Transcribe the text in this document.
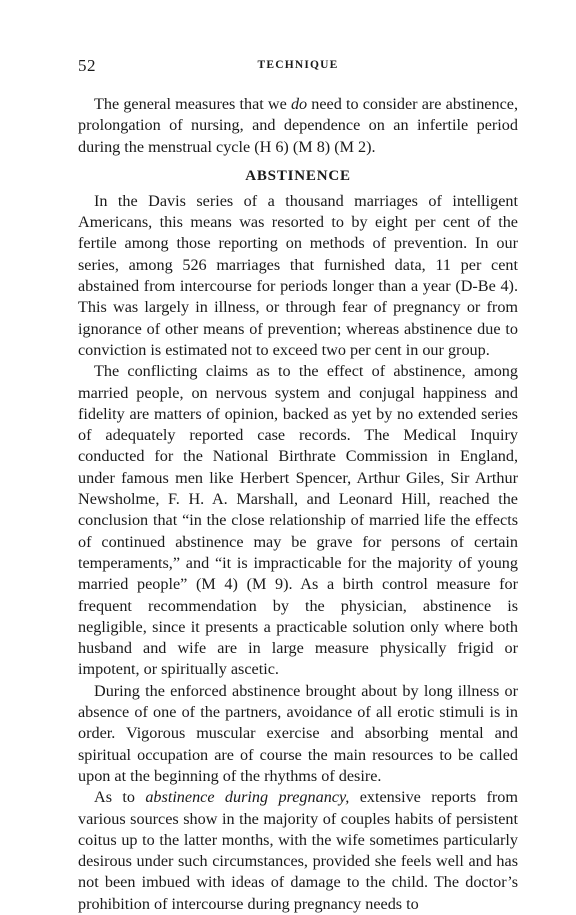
52	TECHNIQUE

The general measures that we do need to consider are abstinence, prolongation of nursing, and dependence on an infertile period during the menstrual cycle (H 6) (M 8) (M 2).

ABSTINENCE

In the Davis series of a thousand marriages of intelligent Americans, this means was resorted to by eight per cent of the fertile among those reporting on methods of prevention. In our series, among 526 marriages that furnished data, 11 per cent abstained from intercourse for periods longer than a year (D-Be 4). This was largely in illness, or through fear of pregnancy or from ignorance of other means of prevention; whereas abstinence due to conviction is estimated not to exceed two per cent in our group.

The conflicting claims as to the effect of abstinence, among married people, on nervous system and conjugal happiness and fidelity are matters of opinion, backed as yet by no extended series of adequately reported case records. The Medical Inquiry conducted for the National Birthrate Commission in England, under famous men like Herbert Spencer, Arthur Giles, Sir Arthur Newsholme, F. H. A. Marshall, and Leonard Hill, reached the conclusion that “in the close relationship of married life the effects of continued abstinence may be grave for persons of certain temperaments,” and “it is impracticable for the majority of young married people” (M 4) (M 9). As a birth control measure for frequent recommendation by the physician, abstinence is negligible, since it presents a practicable solution only where both husband and wife are in large measure physically frigid or impotent, or spiritually ascetic.

During the enforced abstinence brought about by long illness or absence of one of the partners, avoidance of all erotic stimuli is in order. Vigorous muscular exercise and absorbing mental and spiritual occupation are of course the main resources to be called upon at the beginning of the rhythms of desire.

As to abstinence during pregnancy, extensive reports from various sources show in the majority of couples habits of persistent coitus up to the latter months, with the wife sometimes particularly desirous under such circumstances, provided she feels well and has not been imbued with ideas of damage to the child. The doctor’s prohibition of intercourse during pregnancy needs to
